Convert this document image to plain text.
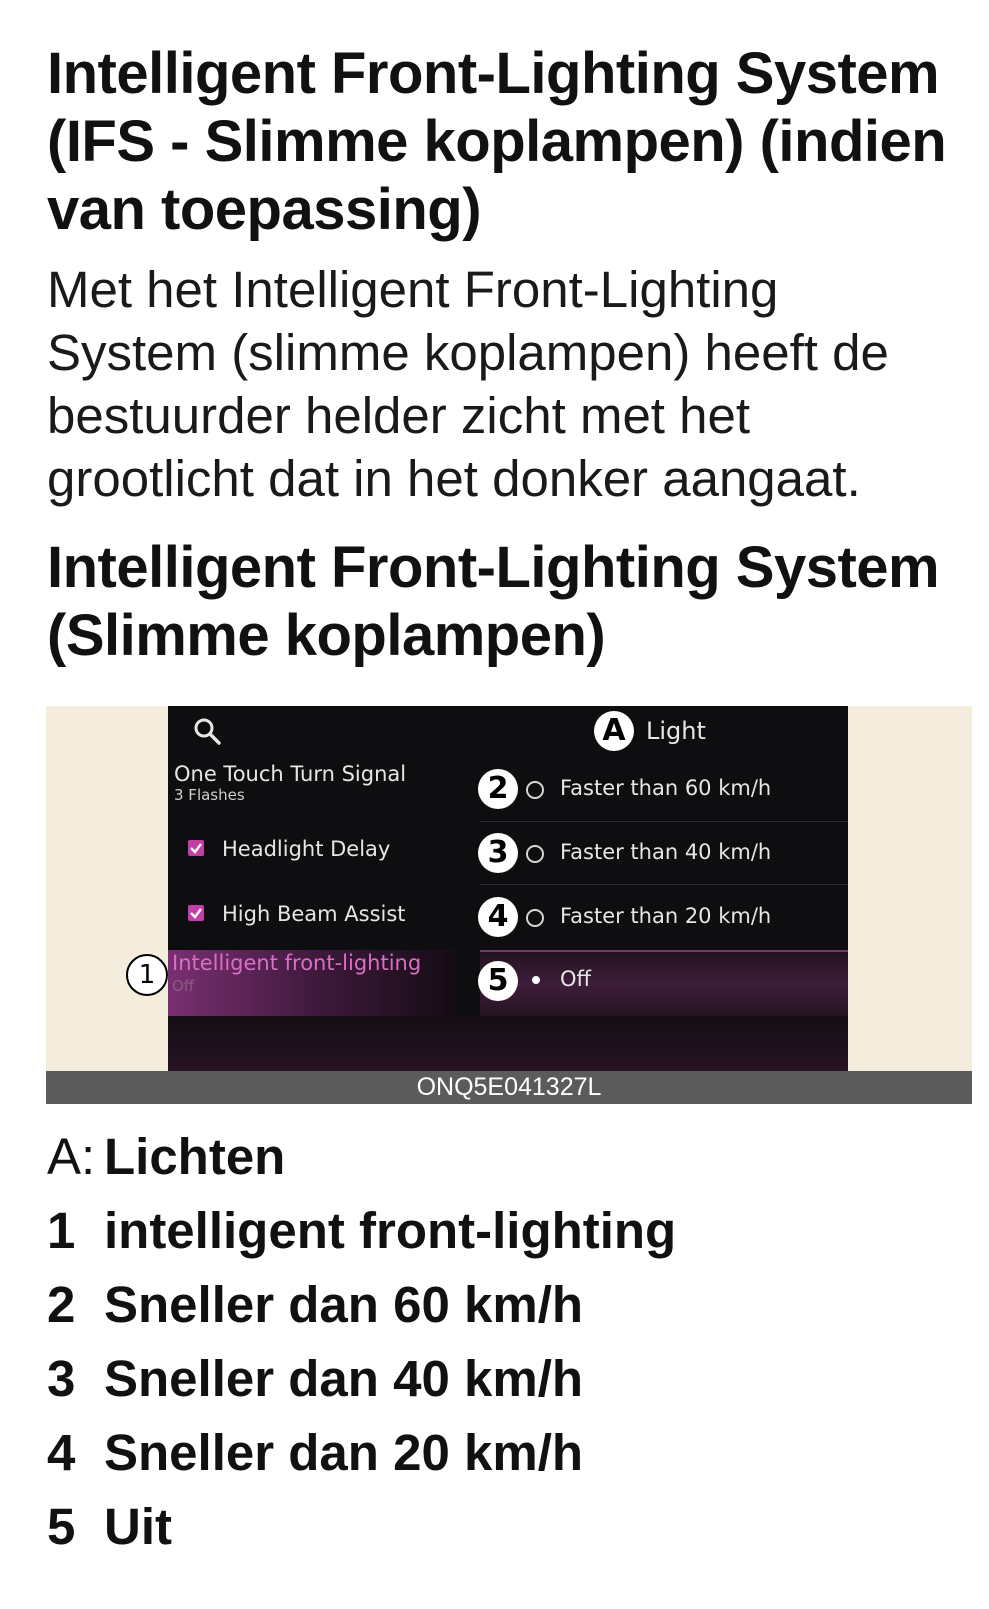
Intelligent Front-Lighting System (IFS - Slimme koplampen) (indien van toepassing)

Met het Intelligent Front-Lighting System (slimme koplampen) heeft de bestuurder helder zicht met het grootlicht dat in het donker aangaat.

Intelligent Front-Lighting System (Slimme koplampen)
A Light
One Touch Turn Signal
3 Flashes
Headlight Delay
High Beam Assist
Intelligent front-lighting
Off
2	Faster than 60 km/h
3	Faster than 40 km/h
4	Faster than 20 km/h
5	Off
1
ONQ5E041327L
A: Lichten
1 intelligent front-lighting
2 Sneller dan 60 km/h
3 Sneller dan 40 km/h
4 Sneller dan 20 km/h
5 Uit
